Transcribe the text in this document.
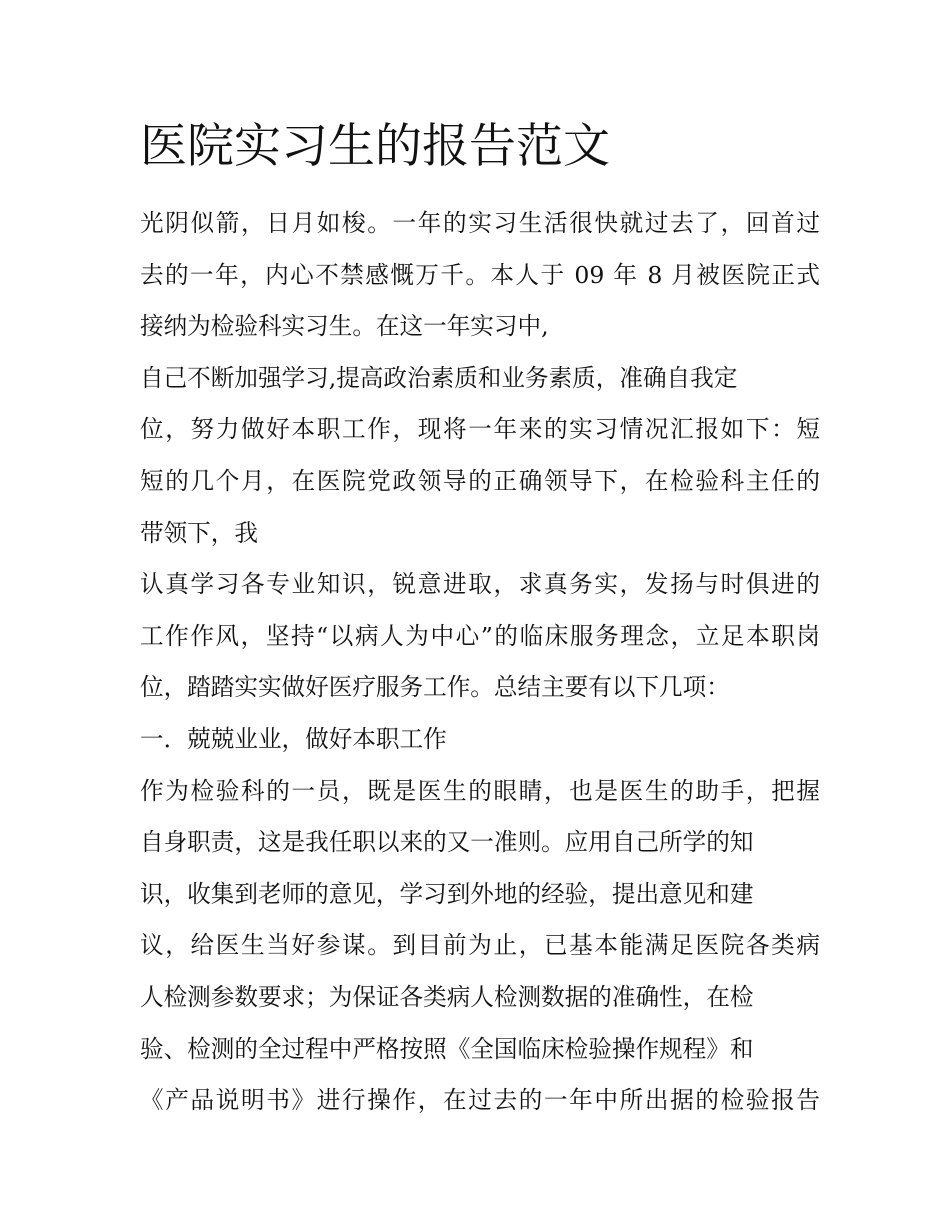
医院实习生的报告范文
光阴似箭，日月如梭。一年的实习生活很快就过去了，回首过
去的一年，内心不禁感慨万千。本人于 09 年 8 月被医院正式
接纳为检验科实习生。在这一年实习中,
自己不断加强学习,提高政治素质和业务素质，准确自我定
位，努力做好本职工作，现将一年来的实习情况汇报如下：短
短的几个月，在医院党政领导的正确领导下，在检验科主任的
带领下，我
认真学习各专业知识，锐意进取，求真务实，发扬与时俱进的
工作作风，坚持“以病人为中心”的临床服务理念，立足本职岗
位，踏踏实实做好医疗服务工作。总结主要有以下几项：
一．兢兢业业，做好本职工作
作为检验科的一员，既是医生的眼睛，也是医生的助手，把握
自身职责，这是我任职以来的又一准则。应用自己所学的知
识，收集到老师的意见，学习到外地的经验，提出意见和建
议，给医生当好参谋。到目前为止，已基本能满足医院各类病
人检测参数要求；为保证各类病人检测数据的准确性，在检
验、检测的全过程中严格按照《全国临床检验操作规程》和
《产品说明书》进行操作，在过去的一年中所出据的检验报告
